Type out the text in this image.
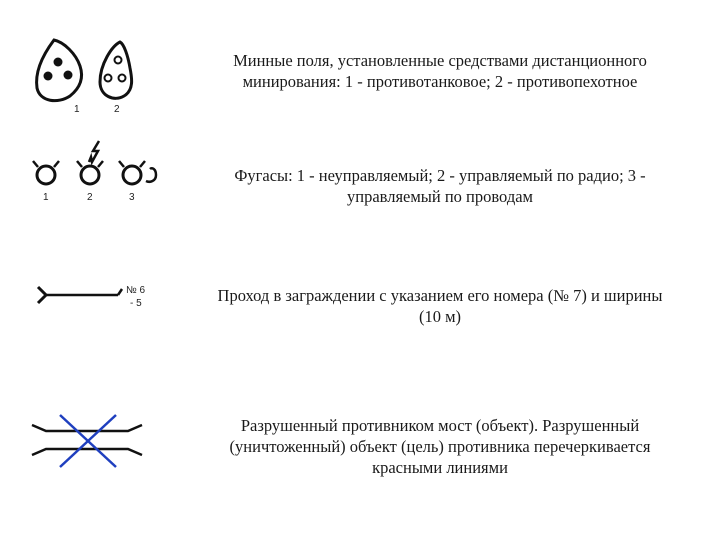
1	2
Минные поля, установленные средствами дистанционного минирования: 1 - противотанковое; 2 - противопехотное
1	2	3
Фугасы: 1 - неуправляемый; 2 - управляемый по радио; 3 - управляемый по проводам
№ 6
- 5	Проход в заграждении с указанием его номера (№ 7) и ширины (10 м)
Разрушенный противником мост (объект). Разрушенный (уничтоженный) объект (цель) противника перечеркивается красными линиями
